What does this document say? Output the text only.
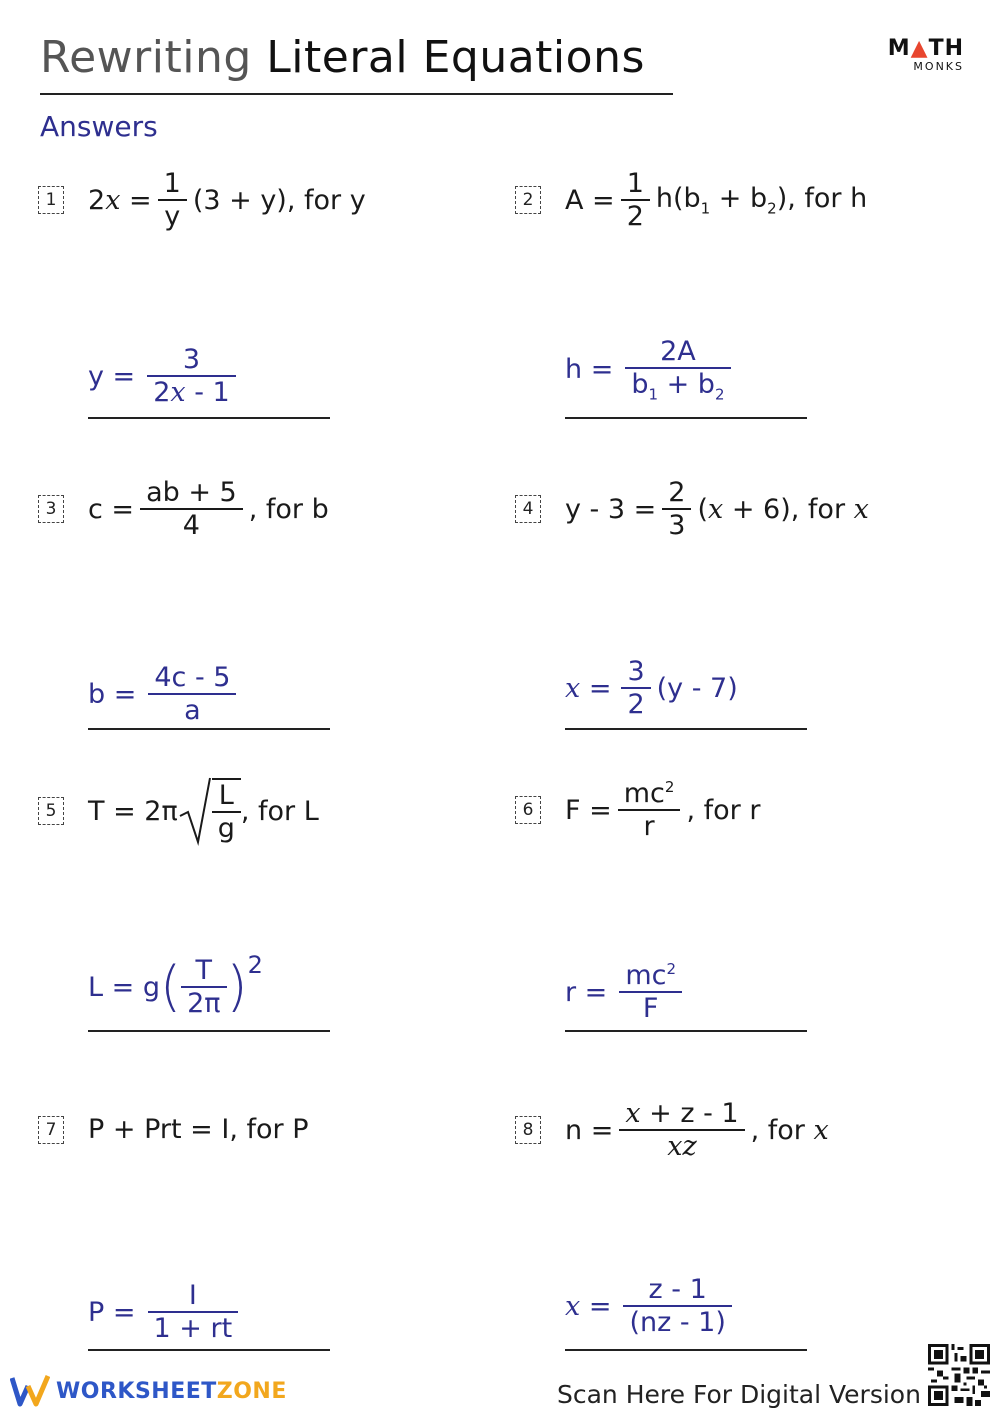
Rewriting Literal Equations	M▲TH
MONKS
Answers
1 $2x = \frac{1}{y} (3 + y)$, for y
$y = \frac{3}{2x - 1}$
2 $A = \frac{1}{2} h(b_1 + b_2)$, for h
$h = \frac{2A}{b_1 + b_2}$
3 $c = \frac{ab + 5}{4}$ , for b
$b = \frac{4c - 5}{a}$
4 $y - 3 = \frac{2}{3} (x + 6)$, for x
$x = \frac{3}{2} (y - 7)$
5 $T = 2\pi \frac{L}{g}$ , for L
L = g ( $\frac{T}{2\pi}$ ) 2
6 $F = \frac{mc^2}{r}$ , for r
$r = \frac{mc^2}{F}$
7 P + Prt = I, for P
$P = \frac{I}{1 + rt}$
8 $n = \frac{x + z - 1}{xz}$ , for x
$x = \frac{z - 1}{(nz - 1)}$
WORKSHEETZONE	Scan Here For Digital Version
